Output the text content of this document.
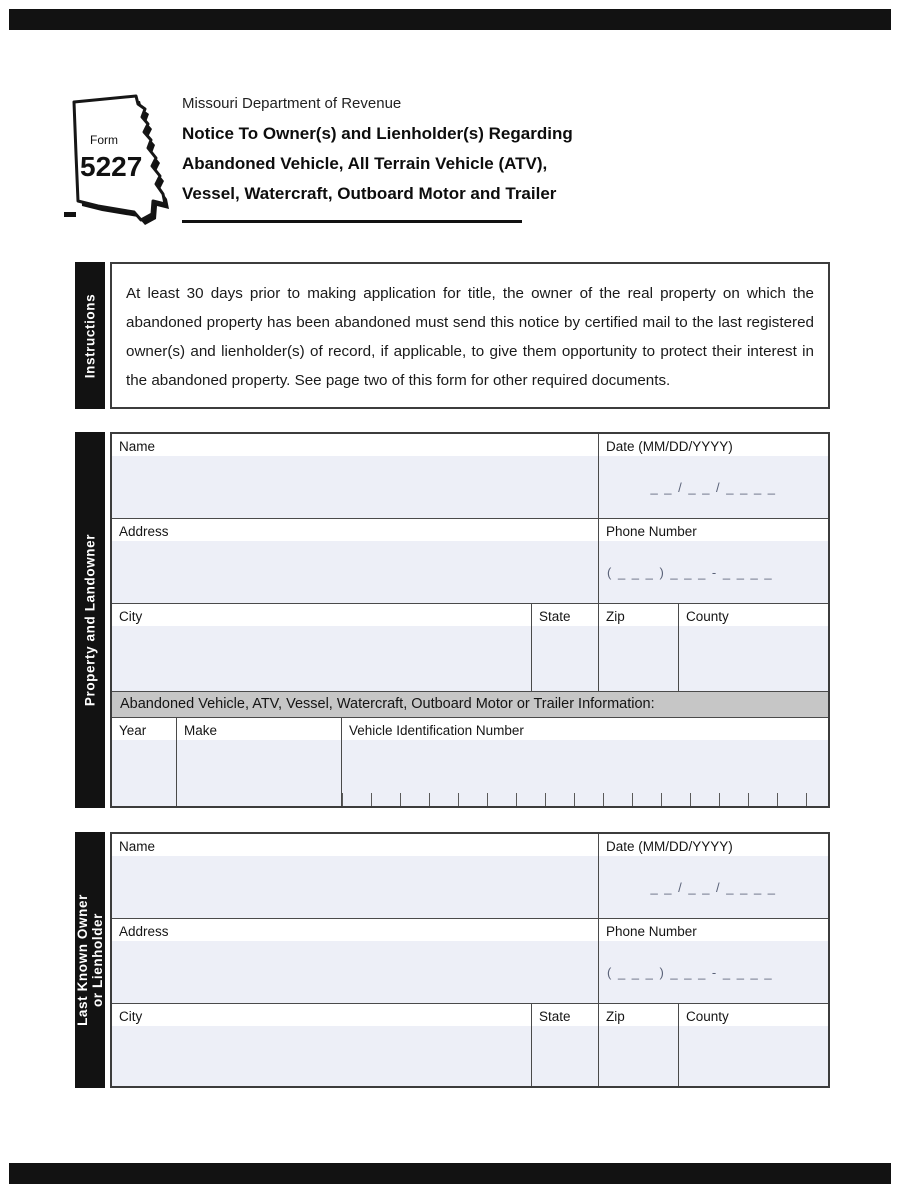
Form
5227
Missouri Department of Revenue
Notice To Owner(s) and Lienholder(s) Regarding
Abandoned Vehicle, All Terrain Vehicle (ATV),
Vessel, Watercraft, Outboard Motor and Trailer
Instructions	At least 30 days prior to making application for title, the owner of the real property on which the abandoned property has been abandoned must send this notice by certified mail to the last registered owner(s) and lienholder(s) of record, if applicable, to give them opportunity to protect their interest in the abandoned property. See page two of this form for other required documents.
Property and Landowner
Name	Date (MM/DD/YYYY)
_ _ / _ _ / _ _ _ _
Address	Phone Number
( _ _ _ ) _ _ _ - _ _ _ _
City	State	Zip	County
Abandoned Vehicle, ATV, Vessel, Watercraft, Outboard Motor or Trailer Information:
Year	Make	Vehicle Identification Number
Last Known Owner or Lienholder
Name	Date (MM/DD/YYYY)
_ _ / _ _ / _ _ _ _
Address	Phone Number
( _ _ _ ) _ _ _ - _ _ _ _
City	State	Zip	County
